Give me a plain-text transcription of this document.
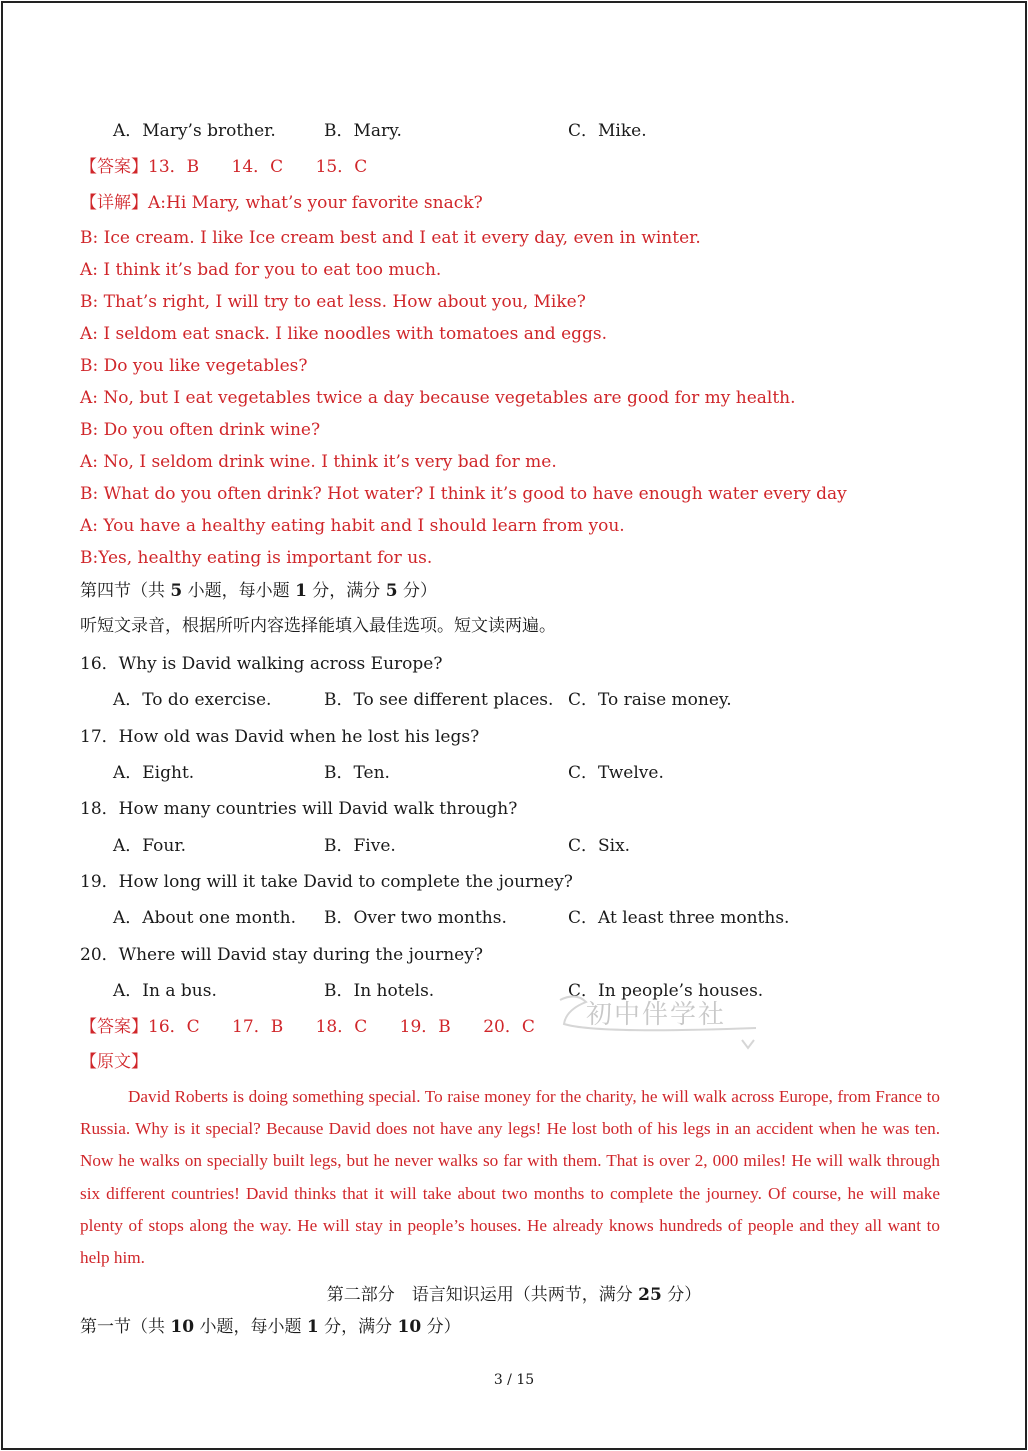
A．Mary’s brother.	B．Mary.	C．Mike.
【答案】13．B      14．C      15．C
【详解】A:Hi Mary, what’s your favorite snack?
B: Ice cream. I like Ice cream best and I eat it every day, even in winter.
A: I think it’s bad for you to eat too much.
B: That’s right, I will try to eat less. How about you, Mike?
A: I seldom eat snack. I like noodles with tomatoes and eggs.
B: Do you like vegetables?
A: No, but I eat vegetables twice a day because vegetables are good for my health.
B: Do you often drink wine?
A: No, I seldom drink wine. I think it’s very bad for me.
B: What do you often drink? Hot water? I think it’s good to have enough water every day
A: You have a healthy eating habit and I should learn from you.
B:Yes, healthy eating is important for us.
第四节（共 5 小题，每小题 1 分，满分 5 分）
听短文录音，根据所听内容选择能填入最佳选项。短文读两遍。
16．Why is David walking across Europe?
A．To do exercise.	B．To see different places. C．To raise money.
17．How old was David when he lost his legs?
A．Eight.	B．Ten.	C．Twelve.
18．How many countries will David walk through?
A．Four.	B．Five.	C．Six.
19．How long will it take David to complete the journey?
A．About one month. B．Over two months.	C．At least three months.
20．Where will David stay during the journey?
A．In a bus.	B．In hotels.	C．In people’s houses.
初中伴学社
【答案】16．C      17．B      18．C      19．B      20．C
【原文】
David Roberts is doing something special. To raise money for the charity, he will walk across Europe, from France to Russia. Why is it special? Because David does not have any legs! He lost both of his legs in an accident when he was ten. Now he walks on specially built legs, but he never walks so far with them. That is over 2, 000 miles! He will walk through six different countries! David thinks that it will take about two months to complete the journey. Of course, he will make plenty of stops along the way. He will stay in people’s houses. He already knows hundreds of people and they all want to help him.
第二部分　语言知识运用（共两节，满分 25 分）
第一节（共 10 小题，每小题 1 分，满分 10 分）
3 / 15
